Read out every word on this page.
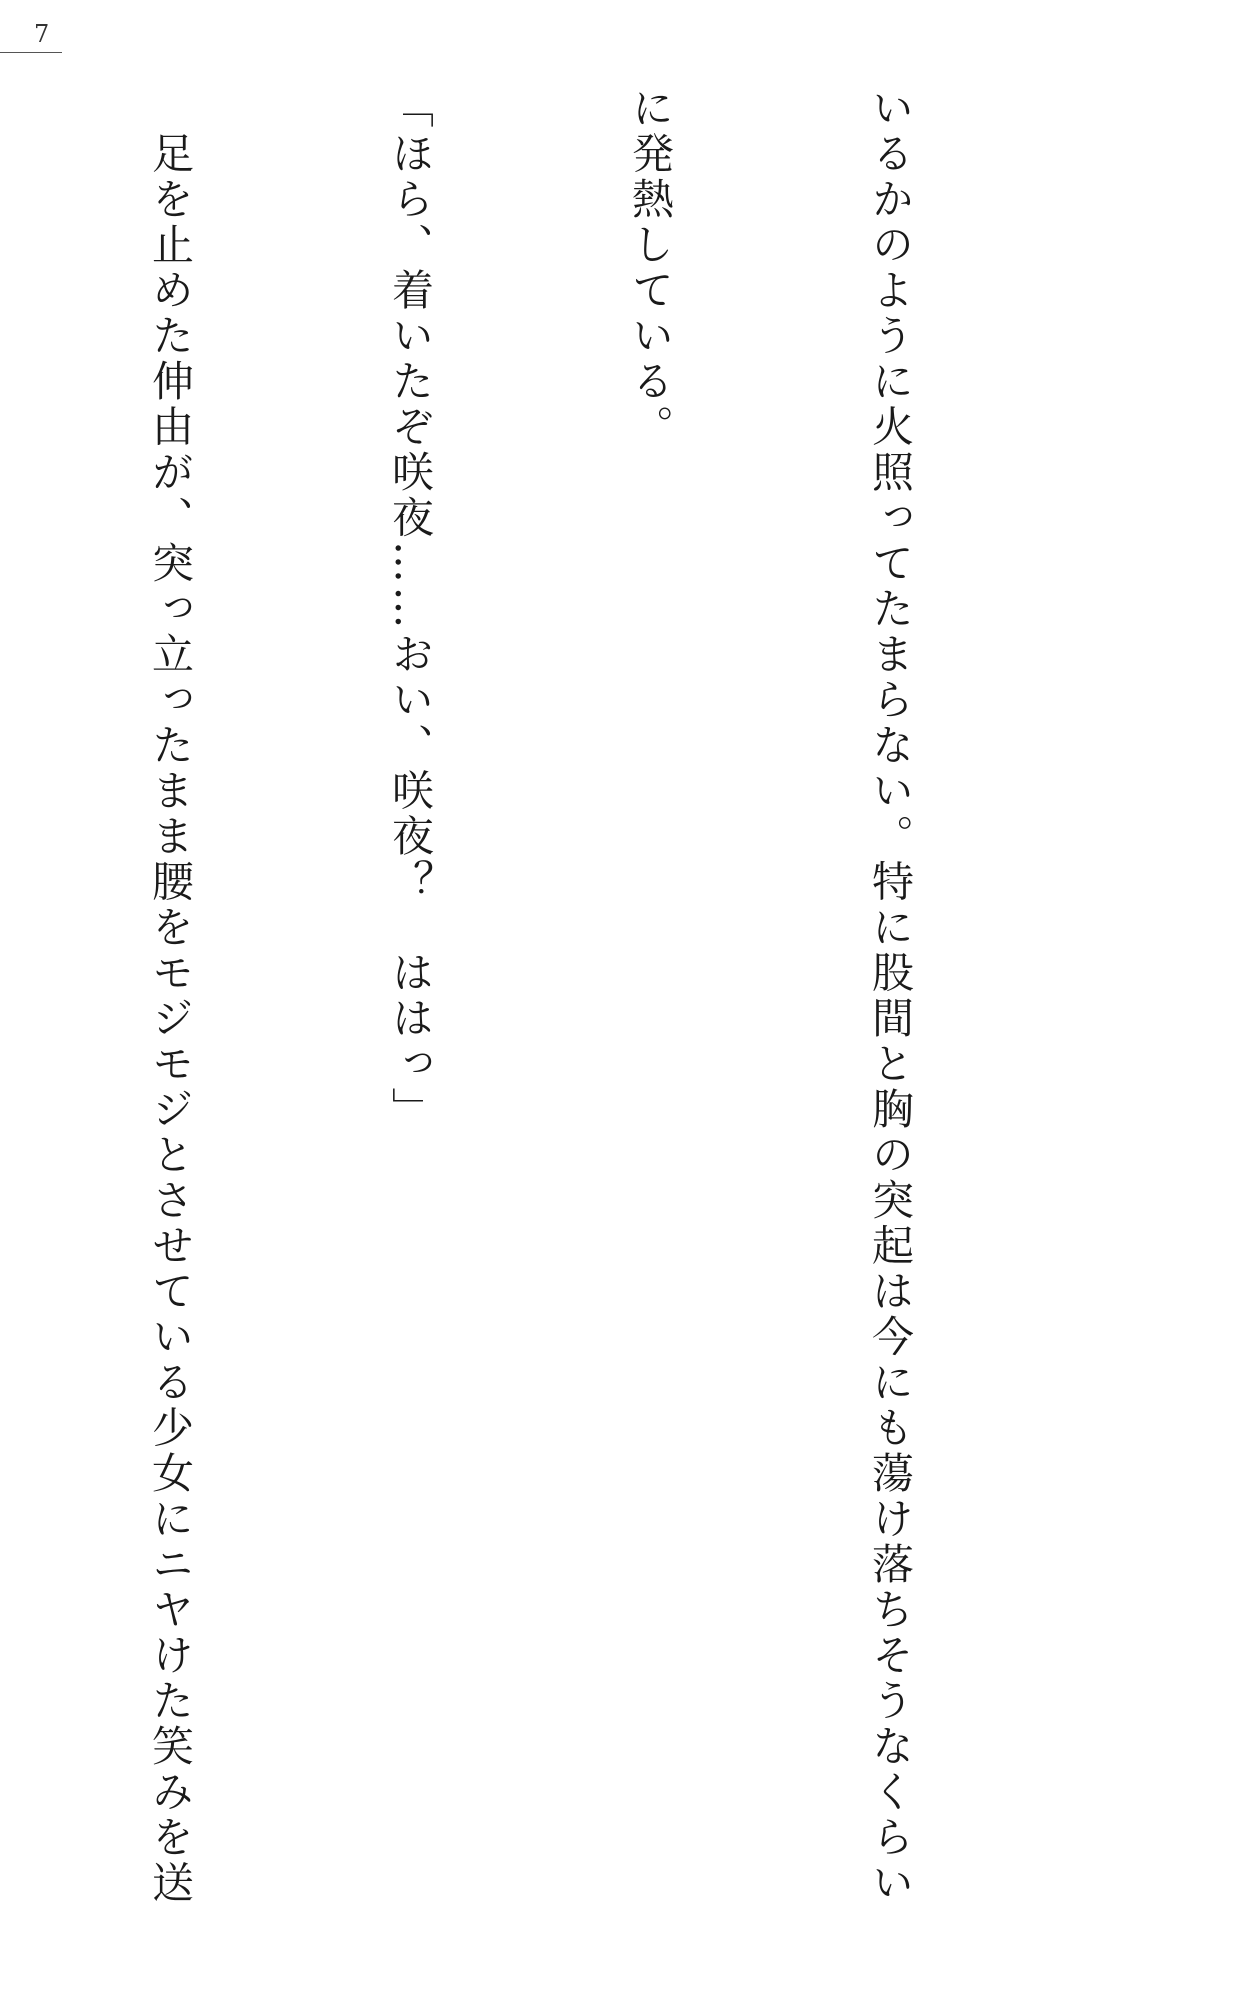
7

いるかのように火照ってたまらない。特に股間と胸の突起は今にも蕩け落ちそうなくらい

に発熱している。

「ほら、着いたぞ咲夜……おい、咲夜？　ははっ」

　足を止めた伸由が、突っ立ったまま腰をモジモジとさせている少女にニヤけた笑みを送
